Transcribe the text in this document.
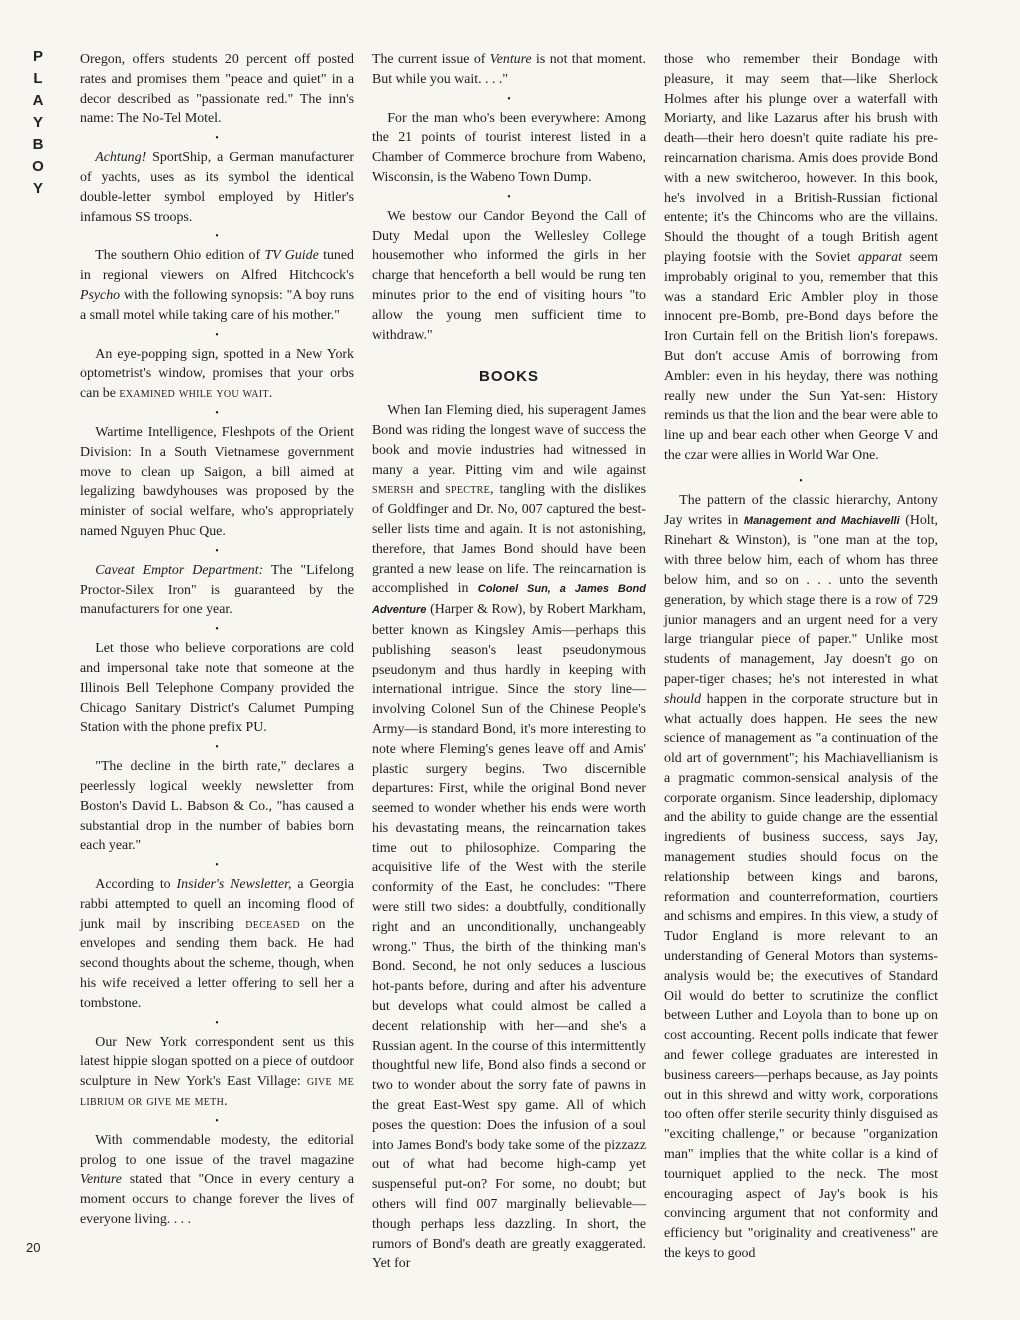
P
L
A
Y
B
O
Y
20

Oregon, offers students 20 percent off posted rates and promises them "peace and quiet" in a decor described as "passionate red." The inn's name: The No-Tel Motel.

•

Achtung! SportShip, a German manufacturer of yachts, uses as its symbol the identical double-letter symbol employed by Hitler's infamous SS troops.

•

The southern Ohio edition of TV Guide tuned in regional viewers on Alfred Hitchcock's Psycho with the following synopsis: "A boy runs a small motel while taking care of his mother."

•

An eye-popping sign, spotted in a New York optometrist's window, promises that your orbs can be examined while you wait.

•

Wartime Intelligence, Fleshpots of the Orient Division: In a South Vietnamese government move to clean up Saigon, a bill aimed at legalizing bawdyhouses was proposed by the minister of social welfare, who's appropriately named Nguyen Phuc Que.

•

Caveat Emptor Department: The "Lifelong Proctor-Silex Iron" is guaranteed by the manufacturers for one year.

•

Let those who believe corporations are cold and impersonal take note that someone at the Illinois Bell Telephone Company provided the Chicago Sanitary District's Calumet Pumping Station with the phone prefix PU.

•

"The decline in the birth rate," declares a peerlessly logical weekly newsletter from Boston's David L. Babson & Co., "has caused a substantial drop in the number of babies born each year."

•

According to Insider's Newsletter, a Georgia rabbi attempted to quell an incoming flood of junk mail by inscribing deceased on the envelopes and sending them back. He had second thoughts about the scheme, though, when his wife received a letter offering to sell her a tombstone.

•

Our New York correspondent sent us this latest hippie slogan spotted on a piece of outdoor sculpture in New York's East Village: give me librium or give me meth.

•

With commendable modesty, the editorial prolog to one issue of the travel magazine Venture stated that "Once in every century a moment occurs to change forever the lives of everyone living. . . .

The current issue of Venture is not that moment. But while you wait. . . ."

•

For the man who's been everywhere: Among the 21 points of tourist interest listed in a Chamber of Commerce brochure from Wabeno, Wisconsin, is the Wabeno Town Dump.

•

We bestow our Candor Beyond the Call of Duty Medal upon the Wellesley College housemother who informed the girls in her charge that henceforth a bell would be rung ten minutes prior to the end of visiting hours "to allow the young men sufficient time to withdraw."

BOOKS

When Ian Fleming died, his superagent James Bond was riding the longest wave of success the book and movie industries had witnessed in many a year. Pitting vim and wile against smersh and spectre, tangling with the dislikes of Goldfinger and Dr. No, 007 captured the best-seller lists time and again. It is not astonishing, therefore, that James Bond should have been granted a new lease on life. The reincarnation is accomplished in Colonel Sun, a James Bond Adventure (Harper & Row), by Robert Markham, better known as Kingsley Amis—perhaps this publishing season's least pseudonymous pseudonym and thus hardly in keeping with international intrigue. Since the story line—involving Colonel Sun of the Chinese People's Army—is standard Bond, it's more interesting to note where Fleming's genes leave off and Amis' plastic surgery begins. Two discernible departures: First, while the original Bond never seemed to wonder whether his ends were worth his devastating means, the reincarnation takes time out to philosophize. Comparing the acquisitive life of the West with the sterile conformity of the East, he concludes: "There were still two sides: a doubtfully, conditionally right and an unconditionally, unchangeably wrong." Thus, the birth of the thinking man's Bond. Second, he not only seduces a luscious hot-pants before, during and after his adventure but develops what could almost be called a decent relationship with her—and she's a Russian agent. In the course of this intermittently thoughtful new life, Bond also finds a second or two to wonder about the sorry fate of pawns in the great East-West spy game. All of which poses the question: Does the infusion of a soul into James Bond's body take some of the pizzazz out of what had become high-camp yet suspenseful put-on? For some, no doubt; but others will find 007 marginally believable—though perhaps less dazzling. In short, the rumors of Bond's death are greatly exaggerated. Yet for

those who remember their Bondage with pleasure, it may seem that—like Sherlock Holmes after his plunge over a waterfall with Moriarty, and like Lazarus after his brush with death—their hero doesn't quite radiate his pre-reincarnation charisma. Amis does provide Bond with a new switcheroo, however. In this book, he's involved in a British-Russian fictional entente; it's the Chincoms who are the villains. Should the thought of a tough British agent playing footsie with the Soviet apparat seem improbably original to you, remember that this was a standard Eric Ambler ploy in those innocent pre-Bomb, pre-Bond days before the Iron Curtain fell on the British lion's forepaws. But don't accuse Amis of borrowing from Ambler: even in his heyday, there was nothing really new under the Sun Yat-sen: History reminds us that the lion and the bear were able to line up and bear each other when George V and the czar were allies in World War One.

•

The pattern of the classic hierarchy, Antony Jay writes in Management and Machiavelli (Holt, Rinehart & Winston), is "one man at the top, with three below him, each of whom has three below him, and so on . . . unto the seventh generation, by which stage there is a row of 729 junior managers and an urgent need for a very large triangular piece of paper." Unlike most students of management, Jay doesn't go on paper-tiger chases; he's not interested in what should happen in the corporate structure but in what actually does happen. He sees the new science of management as "a continuation of the old art of government"; his Machiavellianism is a pragmatic common-sensical analysis of the corporate organism. Since leadership, diplomacy and the ability to guide change are the essential ingredients of business success, says Jay, management studies should focus on the relationship between kings and barons, reformation and counterreformation, courtiers and schisms and empires. In this view, a study of Tudor England is more relevant to an understanding of General Motors than systems-analysis would be; the executives of Standard Oil would do better to scrutinize the conflict between Luther and Loyola than to bone up on cost accounting. Recent polls indicate that fewer and fewer college graduates are interested in business careers—perhaps because, as Jay points out in this shrewd and witty work, corporations too often offer sterile security thinly disguised as "exciting challenge," or because "organization man" implies that the white collar is a kind of tourniquet applied to the neck. The most encouraging aspect of Jay's book is his convincing argument that not conformity and efficiency but "originality and creativeness" are the keys to good
